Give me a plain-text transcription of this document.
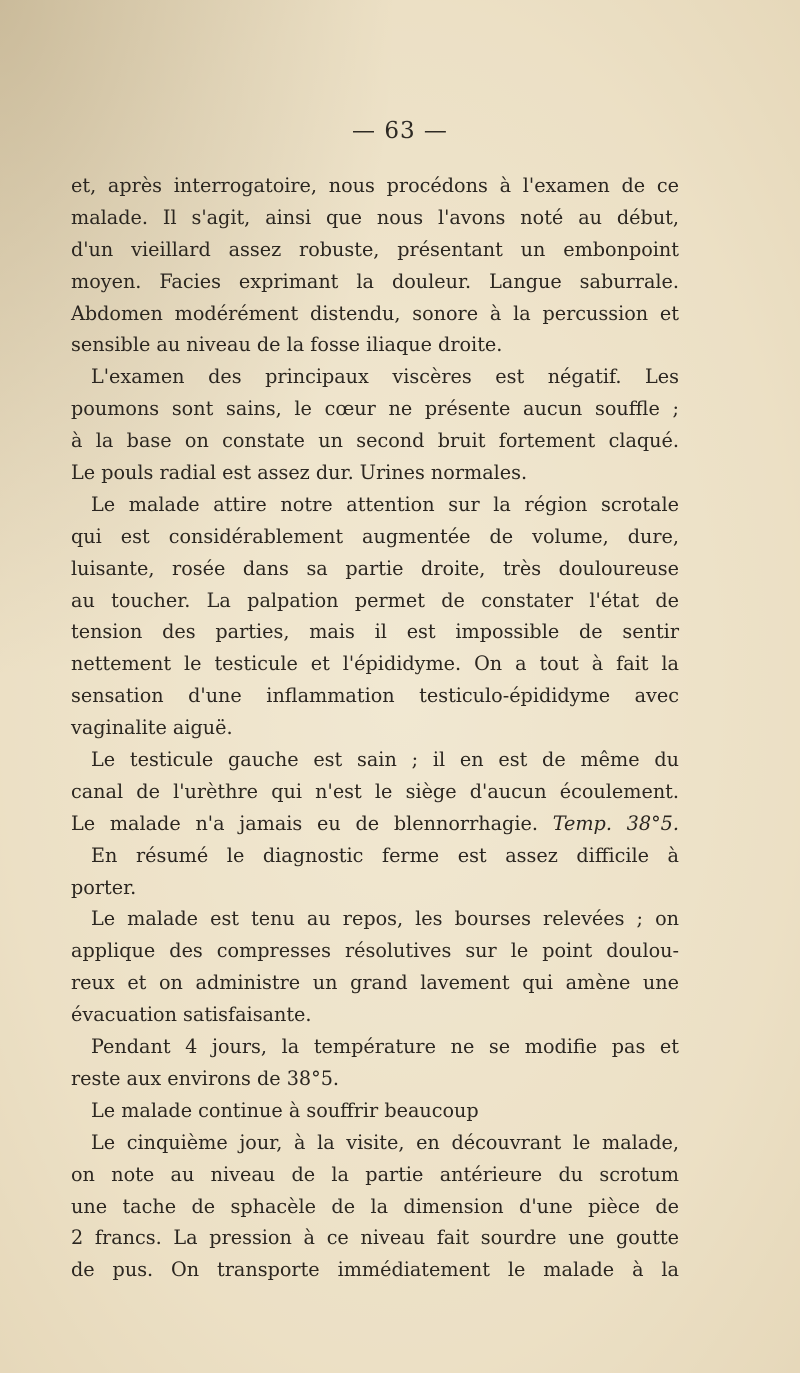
— 63 —
et, après interrogatoire, nous procédons à l'examen de ce
malade. Il s'agit, ainsi que nous l'avons noté au début,
d'un vieillard assez robuste, présentant un embonpoint
moyen. Facies exprimant la douleur. Langue saburrale.
Abdomen modérément distendu, sonore à la percussion et
sensible au niveau de la fosse iliaque droite.
L'examen des principaux viscères est négatif. Les
poumons sont sains, le cœur ne présente aucun souffle ;
à la base on constate un second bruit fortement claqué.
Le pouls radial est assez dur. Urines normales.
Le malade attire notre attention sur la région scrotale
qui est considérablement augmentée de volume, dure,
luisante, rosée dans sa partie droite, très douloureuse
au toucher. La palpation permet de constater l'état de
tension des parties, mais il est impossible de sentir
nettement le testicule et l'épididyme. On a tout à fait la
sensation d'une inflammation testiculo-épididyme avec
vaginalite aiguë.
Le testicule gauche est sain ; il en est de même du
canal de l'urèthre qui n'est le siège d'aucun écoulement.
Le malade n'a jamais eu de blennorrhagie. Temp. 38°5.
En résumé le diagnostic ferme est assez difficile à
porter.
Le malade est tenu au repos, les bourses relevées ; on
applique des compresses résolutives sur le point doulou-
reux et on administre un grand lavement qui amène une
évacuation satisfaisante.
Pendant 4 jours, la température ne se modifie pas et
reste aux environs de 38°5.
Le malade continue à souffrir beaucoup
Le cinquième jour, à la visite, en découvrant le malade,
on note au niveau de la partie antérieure du scrotum
une tache de sphacèle de la dimension d'une pièce de
2 francs. La pression à ce niveau fait sourdre une goutte
de pus. On transporte immédiatement le malade à la
